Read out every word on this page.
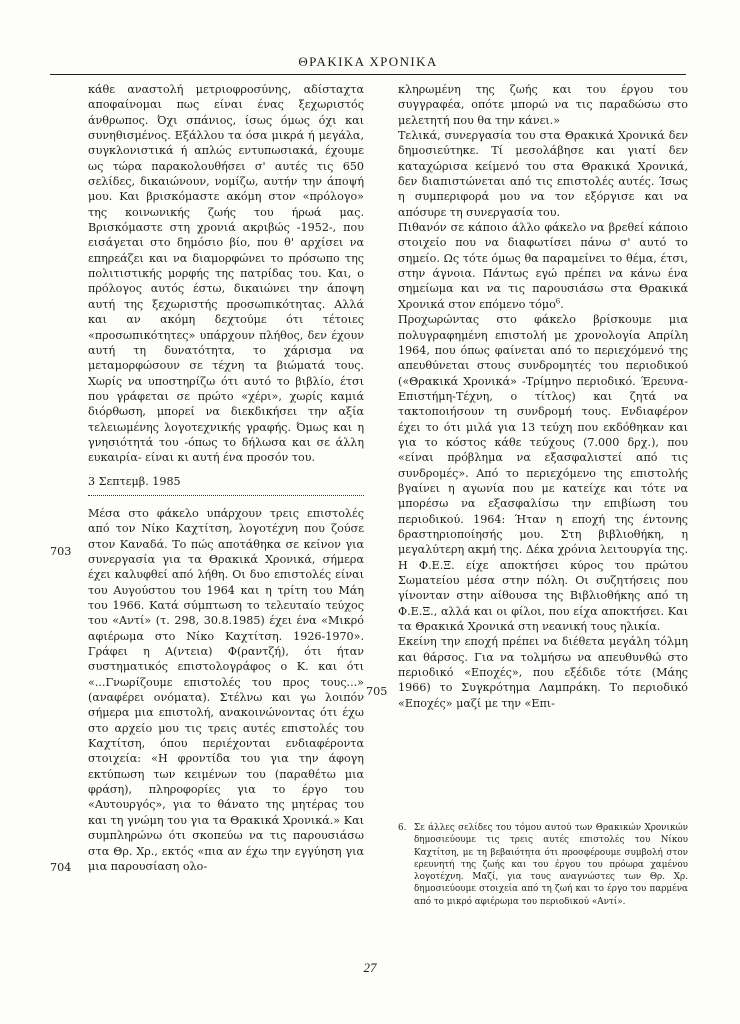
ΘΡΑΚΙΚΑ ΧΡΟΝΙΚΑ

κάθε αναστολή μετριοφροσύνης, αδίσταχτα αποφαίνομαι πως είναι ένας ξεχωριστός άνθρωπος. Όχι σπάνιος, ίσως όμως όχι και συνηθισμένος. Εξάλλου τα όσα μικρά ή μεγάλα, συγκλονιστικά ή απλώς εντυπωσιακά, έχουμε ως τώρα παρακολουθήσει σ' αυτές τις 650 σελίδες, δικαιώνουν, νομίζω, αυτήν την άποψή μου. Και βρισκόμαστε ακόμη στον «πρόλογο» της κοινωνικής ζωής του ήρωά μας. Βρισκόμαστε στη χρονιά ακριβώς -1952-, που εισάγεται στο δημόσιο βίο, που θ' αρχίσει να επηρεάζει και να διαμορφώνει το πρόσωπο της πολιτιστικής μορφής της πατρίδας του. Και, ο πρόλογος αυτός έστω, δικαιώνει την άποψη αυτή της ξεχωριστής προσωπικότητας. Αλλά και αν ακόμη δεχτούμε ότι τέτοιες «προσωπικότητες» υπάρχουν πλήθος, δεν έχουν αυτή τη δυνατότητα, το χάρισμα να μεταμορφώσουν σε τέχνη τα βιώματά τους. Χωρίς να υποστηρίζω ότι αυτό το βιβλίο, έτσι που γράφεται σε πρώτο «χέρι», χωρίς καμιά διόρθωση, μπορεί να διεκδικήσει την αξία τελειωμένης λογοτεχνικής γραφής. Όμως και η γνησιότητά του -όπως το δήλωσα και σε άλλη ευκαιρία- είναι κι αυτή ένα προσόν του.

3 Σεπτεμβ. 1985

Μέσα στο φάκελο υπάρχουν τρεις επιστολές από τον Νίκο Καχτίτση, λογοτέχνη που ζούσε στον Καναδά. Το πώς αποτάθηκα σε κείνον για συνεργασία για τα Θρακικά Χρονικά, σήμερα έχει καλυφθεί από λήθη. Οι δυο επιστολές είναι του Αυγούστου του 1964 και η τρίτη του Μάη του 1966. Κατά σύμπτωση το τελευταίο τεύχος του «Αντί» (τ. 298, 30.8.1985) έχει ένα «Μικρό αφιέρωμα στο Νίκο Καχτίτση. 1926-1970». Γράφει η Α(ντεια) Φ(ραντζή), ότι ήταν συστηματικός επιστολογράφος ο Κ. και ότι «...Γνωρίζουμε επιστολές του προς τους...» (αναφέρει ονόματα). Στέλνω και γω λοιπόν σήμερα μια επιστολή, ανακοινώνοντας ότι έχω στο αρχείο μου τις τρεις αυτές επιστολές του Καχτίτση, όπου περιέχονται ενδιαφέροντα στοιχεία: «Η φροντίδα του για την άφογη εκτύπωση των κειμένων του (παραθέτω μια φράση), πληροφορίες για το έργο του «Αυτουργός», για το θάνατο της μητέρας του και τη γνώμη του για τα Θρακικά Χρονικά.» Και συμπληρώνω ότι σκοπεύω να τις παρουσιάσω στα Θρ. Χρ., εκτός «πια αν έχω την εγγύηση για μια παρουσίαση ολο-

703
704

κληρωμένη της ζωής και του έργου του συγγραφέα, οπότε μπορώ να τις παραδώσω στο μελετητή που θα την κάνει.»

Τελικά, συνεργασία του στα Θρακικά Χρονικά δεν δημοσιεύτηκε. Τί μεσολάβησε και γιατί δεν καταχώρισα κείμενό του στα Θρακικά Χρονικά, δεν διαπιστώνεται από τις επιστολές αυτές. Ίσως η συμπεριφορά μου να τον εξόργισε και να απόσυρε τη συνεργασία του.

Πιθανόν σε κάποιο άλλο φάκελο να βρεθεί κάποιο στοιχείο που να διαφωτίσει πάνω σ' αυτό το σημείο. Ως τότε όμως θα παραμείνει το θέμα, έτσι, στην άγνοια. Πάντως εγώ πρέπει να κάνω ένα σημείωμα και να τις παρουσιάσω στα Θρακικά Χρονικά στον επόμενο τόμο$^6$.

Προχωρώντας στο φάκελο βρίσκουμε μια πολυγραφημένη επιστολή με χρονολογία Απρίλη 1964, που όπως φαίνεται από το περιεχόμενό της απευθύνεται στους συνδρομητές του περιοδικού («Θρακικά Χρονικά» -Τρίμηνο περιοδικό. Έρευνα-Επιστήμη-Τέχνη, ο τίτλος) και ζητά να τακτοποιήσουν τη συνδρομή τους. Ενδιαφέρον έχει το ότι μιλά για 13 τεύχη που εκδόθηκαν και για το κόστος κάθε τεύχους (7.000 δρχ.), που «είναι πρόβλημα να εξασφαλιστεί από τις συνδρομές». Από το περιεχόμενο της επιστολής βγαίνει η αγωνία που με κατείχε και τότε να μπορέσω να εξασφαλίσω την επιβίωση του περιοδικού. 1964: Ήταν η εποχή της έντονης δραστηριοποίησής μου. Στη βιβλιοθήκη, η μεγαλύτερη ακμή της. Δέκα χρόνια λειτουργία της. Η Φ.Ε.Ξ. είχε αποκτήσει κύρος του πρώτου Σωματείου μέσα στην πόλη. Οι συζητήσεις που γίνονταν στην αίθουσα της Βιβλιοθήκης από τη Φ.Ε.Ξ., αλλά και οι φίλοι, που είχα αποκτήσει. Και τα Θρακικά Χρονικά στη νεανική τους ηλικία.

Εκείνη την εποχή πρέπει να διέθετα μεγάλη τόλμη και θάρσος. Για να τολμήσω να απευθυνθώ στο περιοδικό «Εποχές», που εξέδιδε τότε (Μάης 1966) το Συγκρότημα Λαμπράκη. Το περιοδικό «Εποχές» μαζί με την «Επι-

705
6. Σε άλλες σελίδες του τόμου αυτού των Θρακικών Χρονικών δημοσιεύουμε τις τρεις αυτές επιστολές του Νίκου Καχτίτση, με τη βεβαιότητα ότι προσφέρουμε συμβολή στον ερευνητή της ζωής και του έργου του πρόωρα χαμένου λογοτέχνη. Μαζί, για τους αναγνώστες των Θρ. Χρ. δημοσιεύουμε στοιχεία από τη ζωή και το έργο του παρμένα από το μικρό αφιέρωμα του περιοδικού «Αντί».
27
